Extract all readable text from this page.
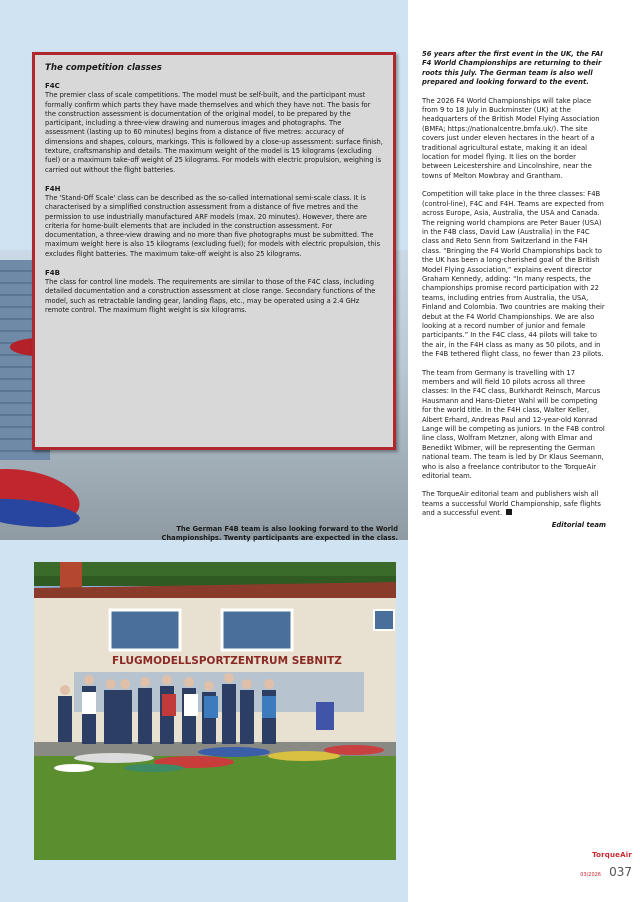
The competition classes
F4C

The premier class of scale competitions. The model must be self-built, and the participant must formally confirm which parts they have made themselves and which they have not. The basis for the construction assessment is documentation of the original model, to be prepared by the participant, including a three-view drawing and numerous images and photographs. The assessment (lasting up to 60 minutes) begins from a distance of five metres: accuracy of dimensions and shapes, colours, markings. This is followed by a close-up assessment: surface finish, texture, craftsmanship and details. The maximum weight of the model is 15 kilograms (excluding fuel) or a maximum take-off weight of 25 kilograms. For models with electric propulsion, weighing is carried out without the flight batteries.

F4H

The 'Stand-Off Scale' class can be described as the so-called international semi-scale class. It is characterised by a simplified construction assessment from a distance of five metres and the permission to use industrially manufactured ARF models (max. 20 minutes). However, there are criteria for home-built elements that are included in the construction assessment. For documentation, a three-view drawing and no more than five photographs must be submitted. The maximum weight here is also 15 kilograms (excluding fuel); for models with electric propulsion, this excludes flight batteries. The maximum take-off weight is also 25 kilograms.

F4B

The class for control line models. The requirements are similar to those of the F4C class, including detailed documentation and a construction assessment at close range. Secondary functions of the model, such as retractable landing gear, landing flaps, etc., may be operated using a 2.4 GHz remote control. The maximum flight weight is six kilograms.

The German F4B team is also looking forward to the World Championships. Twenty participants are expected in the class.
FLUGMODELLSPORTZENTRUM SEBNITZ

56 years after the first event in the UK, the FAI F4 World Championships are returning to their roots this July. The German team is also well prepared and looking forward to the event.

The 2026 F4 World Championships will take place from 9 to 18 July in Buckminster (UK) at the headquarters of the British Model Flying Association (BMFA; https://nationalcentre.bmfa.uk/). The site covers just under eleven hectares in the heart of a traditional agricultural estate, making it an ideal location for model flying. It lies on the border between Leicestershire and Lincolnshire, near the towns of Melton Mowbray and Grantham.

Competition will take place in the three classes: F4B (control-line), F4C and F4H. Teams are expected from across Europe, Asia, Australia, the USA and Canada. The reigning world champions are Peter Bauer (USA) in the F4B class, David Law (Australia) in the F4C class and Reto Senn from Switzerland in the F4H class. “Bringing the F4 World Championships back to the UK has been a long-cherished goal of the British Model Flying Association,” explains event director Graham Kennedy, adding: “In many respects, the championships promise record participation with 22 teams, including entries from Australia, the USA, Finland and Colombia. Two countries are making their debut at the F4 World Championships. We are also looking at a record number of junior and female participants.” In the F4C class, 44 pilots will take to the air, in the F4H class as many as 50 pilots, and in the F4B tethered flight class, no fewer than 23 pilots.

The team from Germany is travelling with 17 members and will field 10 pilots across all three classes: In the F4C class, Burkhardt Reinsch, Marcus Hausmann and Hans-Dieter Wahl will be competing for the world title. In the F4H class, Walter Keller, Albert Erhard, Andreas Paul and 12-year-old Konrad Lange will be competing as juniors. In the F4B control line class, Wolfram Metzner, along with Elmar and Benedikt Wibmer, will be representing the German national team. The team is led by Dr Klaus Seemann, who is also a freelance contributor to the TorqueAir editorial team.

The TorqueAir editorial team and publishers wish all teams a successful World Championship, safe flights and a successful event.
Editorial team

TorqueAir
03/2026 037
